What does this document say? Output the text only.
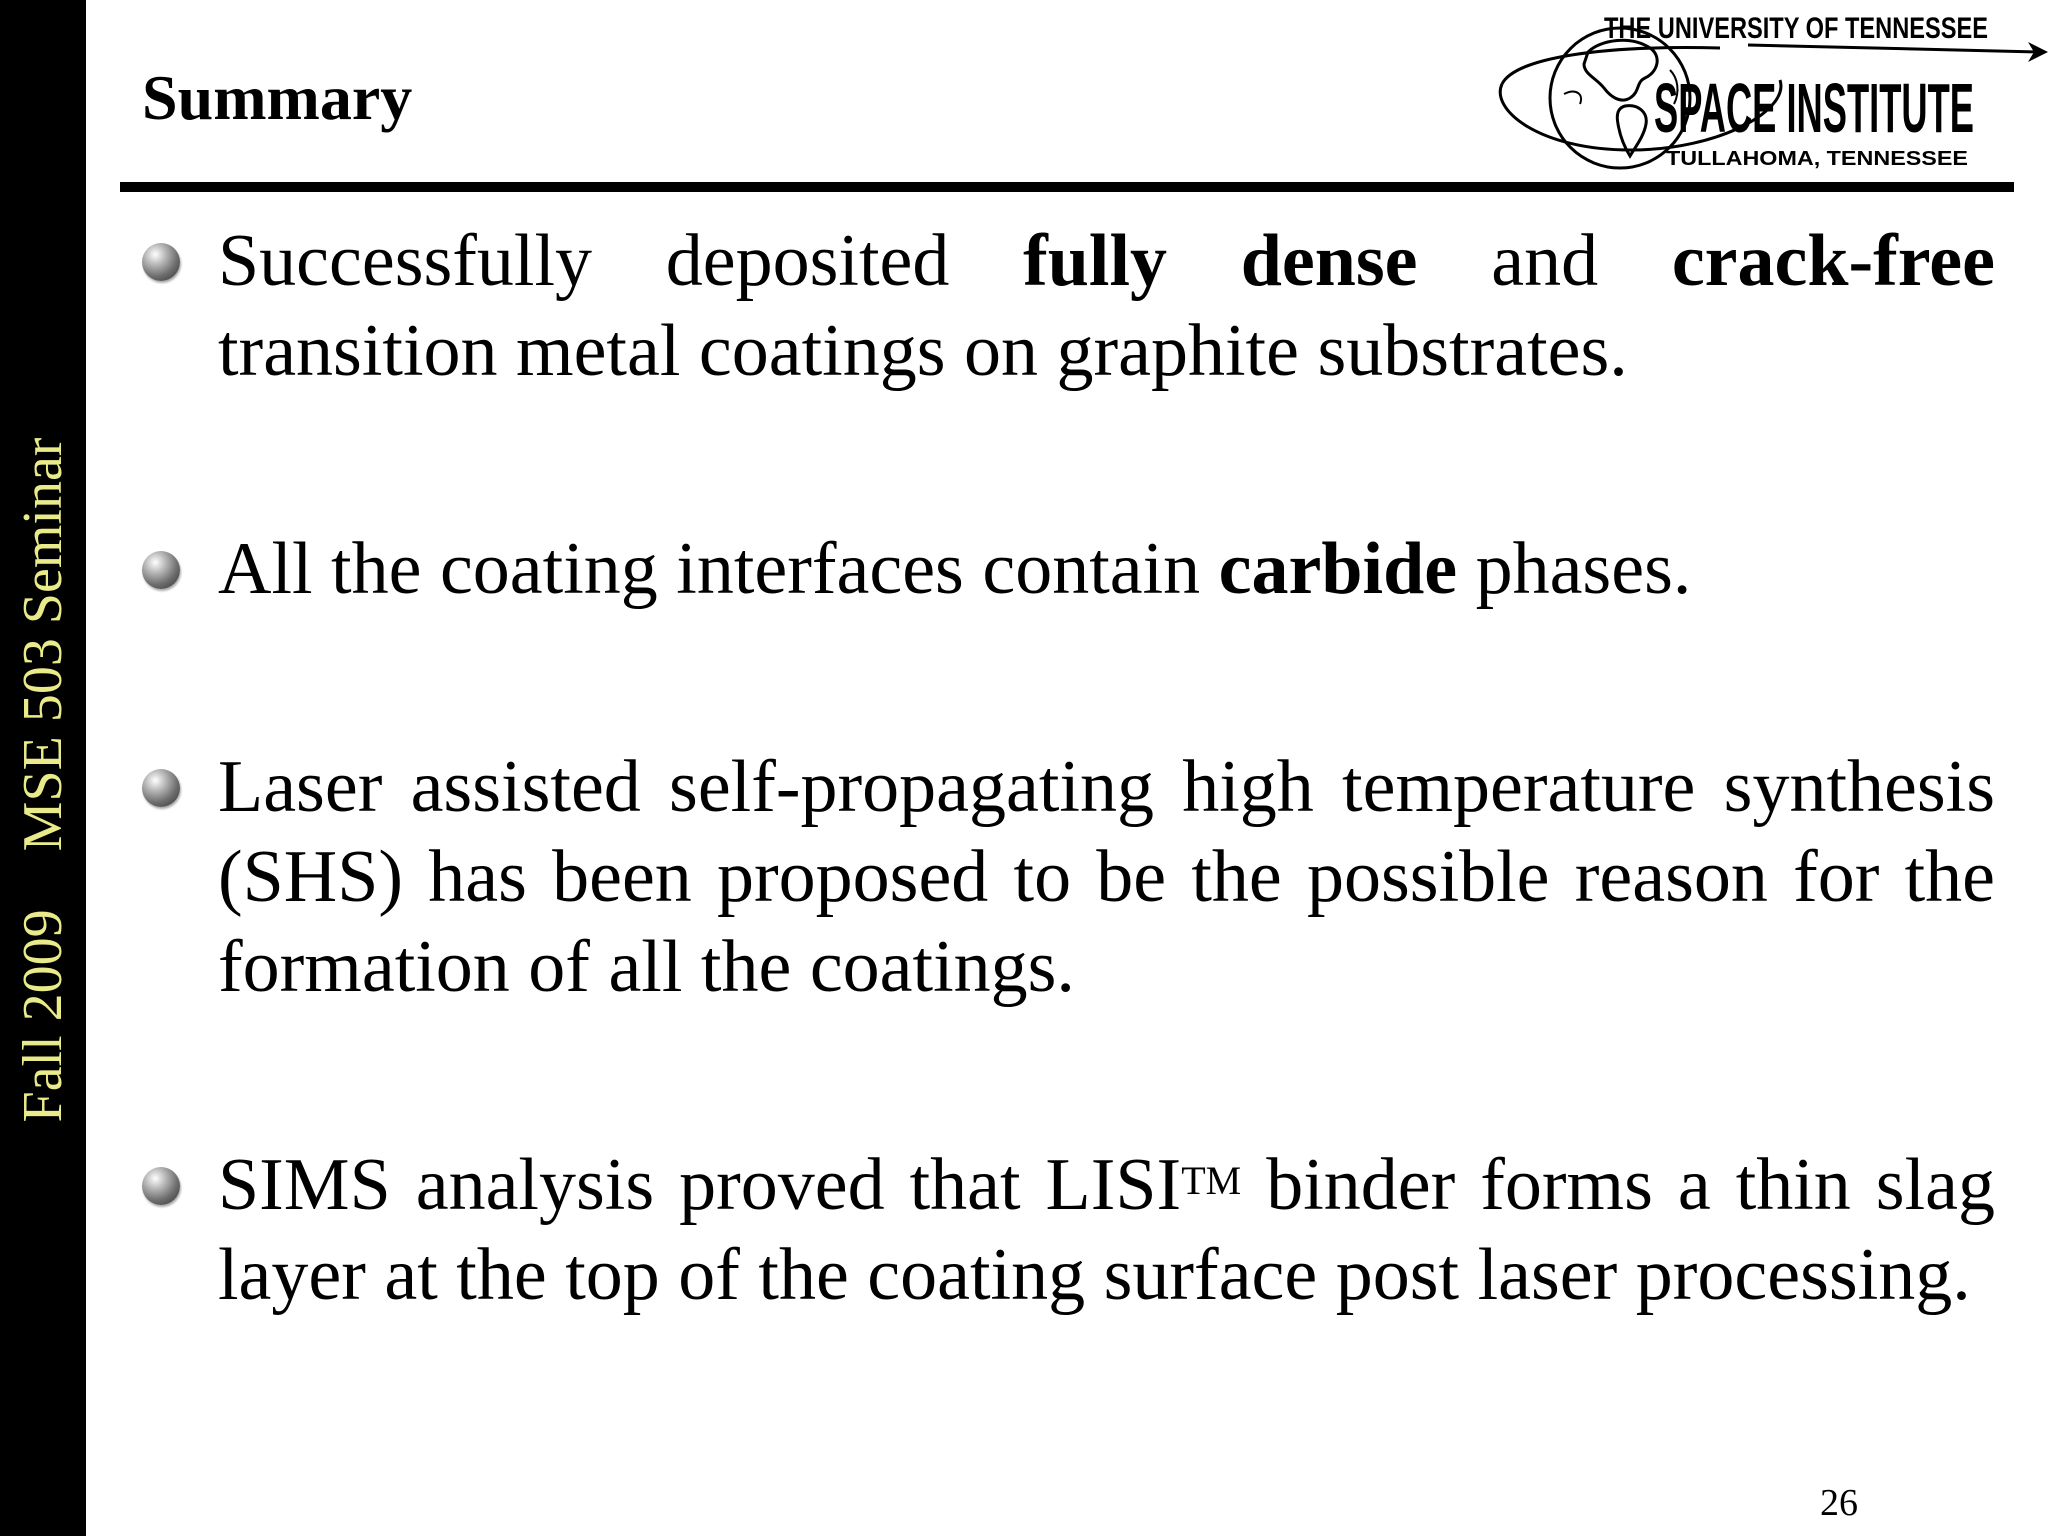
Fall 2009MSE 503 Seminar
Summary
THE UNIVERSITY OF TENNESSEE
SPACE INSTITUTE
TULLAHOMA, TENNESSEE
Successfully deposited fully dense and crack-free transition metal coatings on graphite substrates.
All the coating interfaces contain carbide phases.
Laser assisted self-propagating high temperature synthesis (SHS) has been proposed to be the possible reason for the formation of all the coatings.
SIMS analysis proved that LISI™ binder forms a thin slag layer at the top of the coating surface post laser processing.
26
